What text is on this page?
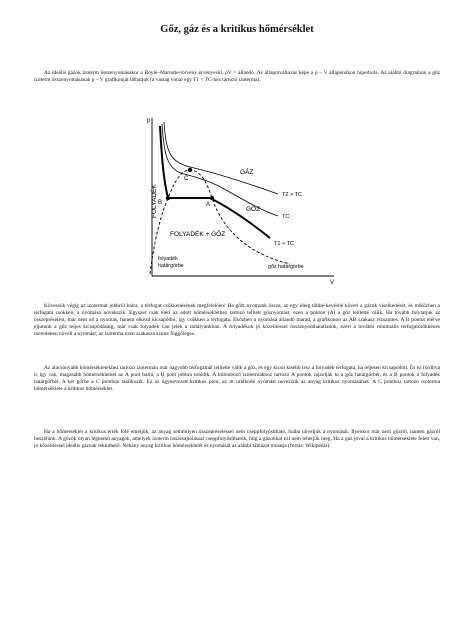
Gőz, gáz és a kritikus hőmérséklet

Az ideális gázok izoterm összenyomásakor a Boyle–Mariotte-törvény érvényesül, pV = állandó. Az állapotváltozás képe a p – V állapotsíkon hiperbola. Az alábbi diagramon a gőz izoterm összenyomásának p – V grafikonját láthatjuk (a vastag vonal egy T1 < TC-hez tartozó izoterma).

p
V
C
A
B
FOLYADÉK
GÁZ
GŐZ
FOLYADÉK + GŐZ
T2 > TC
TC
T1 < TC
folyadék
határgörbe	gőz határgörbe

Kövessük végig az izotermát jobbról balra, a térfogat csökkenésének megfelelően! Ha gőzt nyomunk össze, az egy ideig többé-kevésbé követi a gázok viselkedését, és miközben a térfogata csökken, a nyomása növekszik. Egyszer csak eléri az adott hőmérséklethez tartozó telített gőznyomást, ezen a ponton (A) a gőz telítetté válik. Ha tovább folytatjuk az összepréselést, már nem nő a nyomás, hanem elkezd kicsapódni, így csökken a térfogata. Eközben a nyomása állandó marad, a grafikonon az AB szakasz vízszintes. A B pontot elérve eljutunk a gőz teljes kicsapódásáig, már csak folyadék van jelen a tartályunkban. A folyadékok jó közelítéssel összenyomhatatlanok, ezért a további minimális térfogatcsökkenés meredeken növeli a nyomást, az izoterma ezen szakasza szinte függőleges.

Az alacsonyabb hőmérsékletekhez tartozó izotermán már nagyobb térfogatnál telítetté válik a gőz, és egy kicsit kisebb lesz a folyadék térfogata, ha teljesen kicsapódott. És ez fordítva is így van, magasabb hőmérsékletnél az A pont balra, a B pont jobbra tolódik. A különböző izotermákhoz tartozó A pontok rajzolják ki a gőz határgörbét, és a B pontok a folyadék határgörbét. A két görbe a C pontban találkozik. Ez az úgynevezett kritikus pont, az itt uralkodó nyomást nevezzük az anyag kritikus nyomásának. A C ponthoz tartozó izoterma hőmérséklete a kritikus hőmérséklet.

Ha a hőmérséklet a kritikus érték fölé emeljük, az anyag semmilyen összepréseléssel nem cseppfolyósítható, hiába növeljük a nyomását. Ilyenkor már nem gőzről, hanem gázról beszélünk. A gőzök olyan légnemű anyagok, amelyek izoterm összesajtolással cseppfolyósíthatók, míg a gázokkal ezt nem tehetjük meg. Ha a gáz jóval a kritikus hőmérséklete felett van, jó közelítéssel ideális gáznak tekinthető. Néhány anyag kritikus hőmérsékletét és nyomását az alábbi táblázat mutatja (forrás: Wikipédia).
